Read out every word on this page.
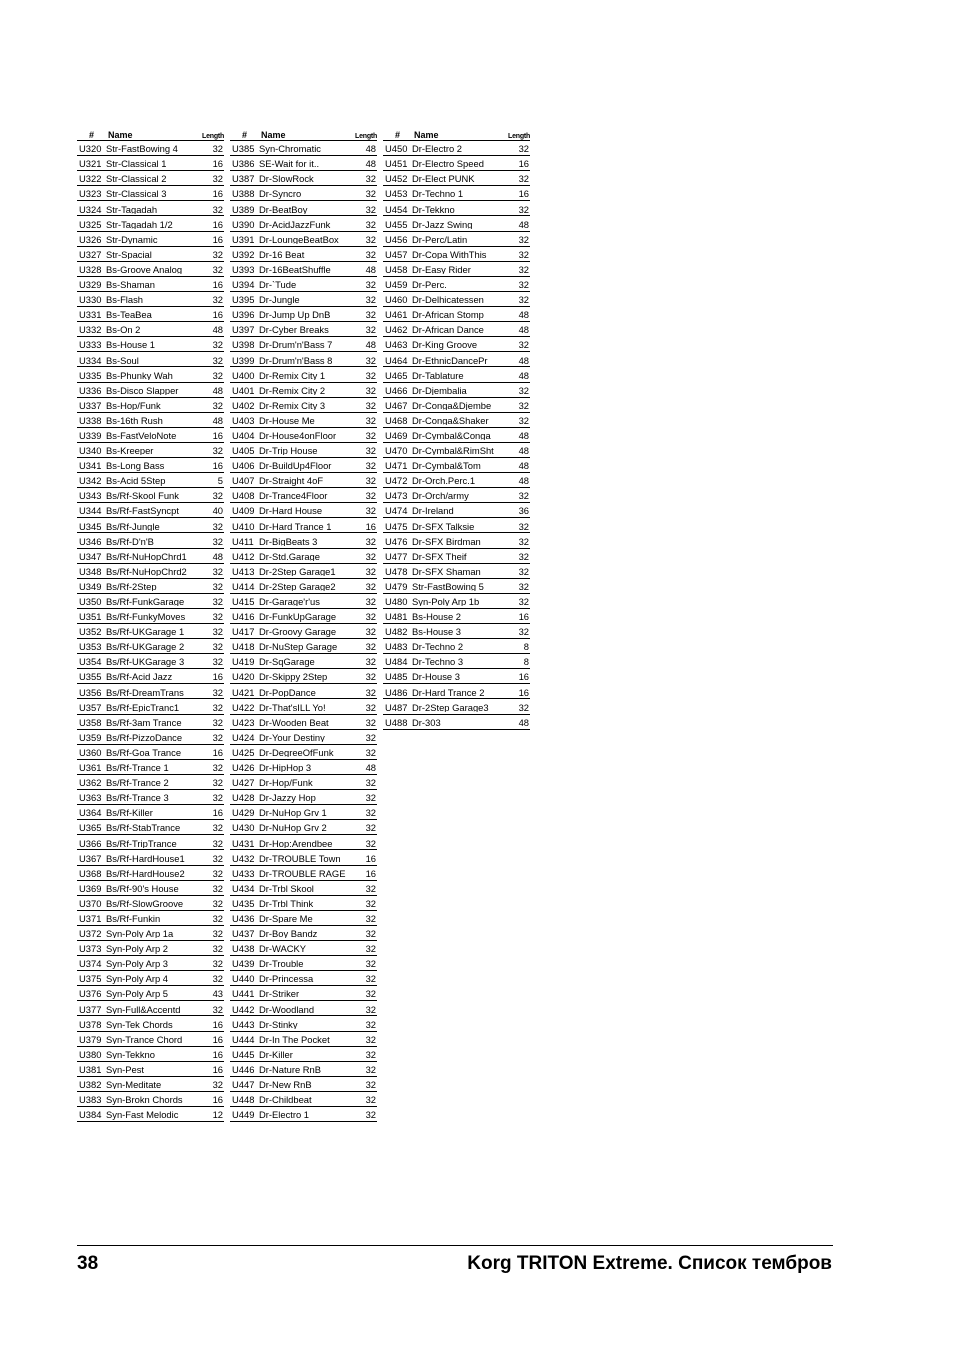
#	Name	Length
U320 Str-FastBowing 4	32
U321 Str-Classical 1	16
U322 Str-Classical 2	32
U323 Str-Classical 3	16
U324 Str-Tagadah	32
U325 Str-Tagadah 1/2	16
U326 Str-Dynamic	16
U327 Str-Spacial	32
U328 Bs-Groove Analog	32
U329 Bs-Shaman	16
U330 Bs-Flash	32
U331 Bs-TeaBea	16
U332 Bs-On 2	48
U333 Bs-House 1	32
U334 Bs-Soul	32
U335 Bs-Phunky Wah	32
U336 Bs-Disco Slapper	48
U337 Bs-Hop/Funk	32
U338 Bs-16th Rush	48
U339 Bs-FastVeloNote	16
U340 Bs-Kreeper	32
U341 Bs-Long Bass	16
U342 Bs-Acid 5Step	5
U343 Bs/Rf-Skool Funk	32
U344 Bs/Rf-FastSyncpt	40
U345 Bs/Rf-Jungle	32
U346 Bs/Rf-D'n'B	32
U347 Bs/Rf-NuHopChrd1	48
U348 Bs/Rf-NuHopChrd2	32
U349 Bs/Rf-2Step	32
U350 Bs/Rf-FunkGarage	32
U351 Bs/Rf-FunkyMoves	32
U352 Bs/Rf-UKGarage 1	32
U353 Bs/Rf-UKGarage 2	32
U354 Bs/Rf-UKGarage 3	32
U355 Bs/Rf-Acid Jazz	16
U356 Bs/Rf-DreamTrans	32
U357 Bs/Rf-EpicTranc1	32
U358 Bs/Rf-3am Trance	32
U359 Bs/Rf-PizzoDance	32
U360 Bs/Rf-Goa Trance	16
U361 Bs/Rf-Trance 1	32
U362 Bs/Rf-Trance 2	32
U363 Bs/Rf-Trance 3	32
U364 Bs/Rf-Killer	16
U365 Bs/Rf-StabTrance	32
U366 Bs/Rf-TripTrance	32
U367 Bs/Rf-HardHouse1	32
U368 Bs/Rf-HardHouse2	32
U369 Bs/Rf-90's House	32
U370 Bs/Rf-SlowGroove	32
U371 Bs/Rf-Funkin	32
U372 Syn-Poly Arp 1a	32
U373 Syn-Poly Arp 2	32
U374 Syn-Poly Arp 3	32
U375 Syn-Poly Arp 4	32
U376 Syn-Poly Arp 5	43
U377 Syn-Full&Accentd	32
U378 Syn-Tek Chords	16
U379 Syn-Trance Chord	16
U380 Syn-Tekkno	16
U381 Syn-Pest	16
U382 Syn-Meditate	32
U383 Syn-Brokn Chords	16
U384 Syn-Fast Melodic	12
#	Name	Length
U385 Syn-Chromatic	48
U386 SE-Wait for it..	48
U387 Dr-SlowRock	32
U388 Dr-Syncro	32
U389 Dr-BeatBoy	32
U390 Dr-AcidJazzFunk	32
U391 Dr-LoungeBeatBox	32
U392 Dr-16 Beat	32
U393 Dr-16BeatShuffle	48
U394 Dr-`Tude	32
U395 Dr-Jungle	32
U396 Dr-Jump Up DnB	32
U397 Dr-Cyber Breaks	32
U398 Dr-Drum'n'Bass 7	48
U399 Dr-Drum'n'Bass 8	32
U400 Dr-Remix City 1	32
U401 Dr-Remix City 2	32
U402 Dr-Remix City 3	32
U403 Dr-House Me	32
U404 Dr-House4onFloor	32
U405 Dr-Trip House	32
U406 Dr-BuildUp4Floor	32
U407 Dr-Straight 4oF	32
U408 Dr-Trance4Floor	32
U409 Dr-Hard House	32
U410 Dr-Hard Trance 1	16
U411 Dr-BigBeats 3	32
U412 Dr-Std.Garage	32
U413 Dr-2Step Garage1	32
U414 Dr-2Step Garage2	32
U415 Dr-Garage'r'us	32
U416 Dr-FunkUpGarage	32
U417 Dr-Groovy Garage	32
U418 Dr-NuStep Garage	32
U419 Dr-SqGarage	32
U420 Dr-Skippy 2Step	32
U421 Dr-PopDance	32
U422 Dr-That'sILL Yo!	32
U423 Dr-Wooden Beat	32
U424 Dr-Your Destiny	32
U425 Dr-DegreeOfFunk	32
U426 Dr-HipHop 3	48
U427 Dr-Hop/Funk	32
U428 Dr-Jazzy Hop	32
U429 Dr-NuHop Grv 1	32
U430 Dr-NuHop Grv 2	32
U431 Dr-Hop:Arendbee	32
U432 Dr-TROUBLE Town	16
U433 Dr-TROUBLE RAGE	16
U434 Dr-Trbl Skool	32
U435 Dr-Trbl Think	32
U436 Dr-Spare Me	32
U437 Dr-Boy Bandz	32
U438 Dr-WACKY	32
U439 Dr-Trouble	32
U440 Dr-Princessa	32
U441 Dr-Striker	32
U442 Dr-Woodland	32
U443 Dr-Stinky	32
U444 Dr-In The Pocket	32
U445 Dr-Killer	32
U446 Dr-Nature RnB	32
U447 Dr-New RnB	32
U448 Dr-Childbeat	32
U449 Dr-Electro 1	32
#	Name	Length
U450 Dr-Electro 2	32
U451 Dr-Electro Speed	16
U452 Dr-Elect PUNK	32
U453 Dr-Techno 1	16
U454 Dr-Tekkno	32
U455 Dr-Jazz Swing	48
U456 Dr-Perc/Latin	32
U457 Dr-Copa WithThis	32
U458 Dr-Easy Rider	32
U459 Dr-Perc.	32
U460 Dr-Delhicatessen	32
U461 Dr-African Stomp	48
U462 Dr-African Dance	48
U463 Dr-King Groove	32
U464 Dr-EthnicDancePr	48
U465 Dr-Tablature	48
U466 Dr-Djembalia	32
U467 Dr-Conga&Djembe	32
U468 Dr-Conga&Shaker	32
U469 Dr-Cymbal&Conga	48
U470 Dr-Cymbal&RimSht	48
U471 Dr-Cymbal&Tom	48
U472 Dr-Orch.Perc.1	48
U473 Dr-Orch/army	32
U474 Dr-Ireland	36
U475 Dr-SFX Talksie	32
U476 Dr-SFX Birdman	32
U477 Dr-SFX Theif	32
U478 Dr-SFX Shaman	32
U479 Str-FastBowing 5	32
U480 Syn-Poly Arp 1b	32
U481 Bs-House 2	16
U482 Bs-House 3	32
U483 Dr-Techno 2	8
U484 Dr-Techno 3	8
U485 Dr-House 3	16
U486 Dr-Hard Trance 2	16
U487 Dr-2Step Garage3	32
U488 Dr-303	48
38	Korg TRITON Extreme. Список тембров
